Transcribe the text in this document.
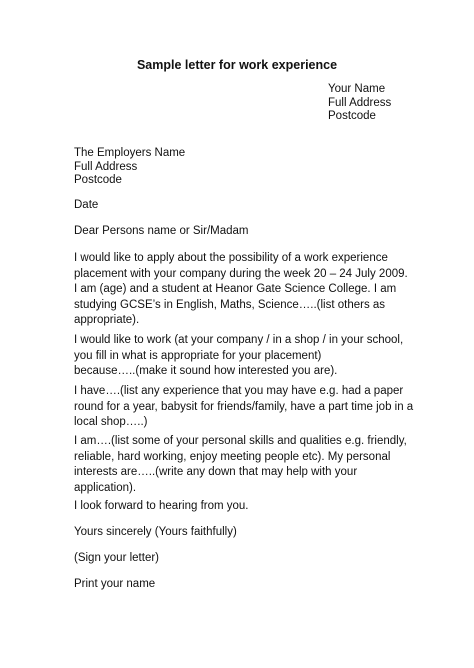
Sample letter for work experience
Your Name
Full Address
Postcode
The Employers Name
Full Address
Postcode
Date
Dear Persons name or Sir/Madam
I would like to apply about the possibility of a work experience
placement with your company during the week 20 – 24 July 2009.
I am (age) and a student at Heanor Gate Science College. I am
studying GCSE’s in English, Maths, Science…..(list others as
appropriate).
I would like to work (at your company / in a shop / in your school,
you fill in what is appropriate for your placement)
because…..(make it sound how interested you are).
I have….(list any experience that you may have e.g. had a paper
round for a year, babysit for friends/family, have a part time job in a
local shop…..)
I am….(list some of your personal skills and qualities e.g. friendly,
reliable, hard working, enjoy meeting people etc). My personal
interests are…..(write any down that may help with your
application).
I look forward to hearing from you.
Yours sincerely (Yours faithfully)
(Sign your letter)
Print your name
